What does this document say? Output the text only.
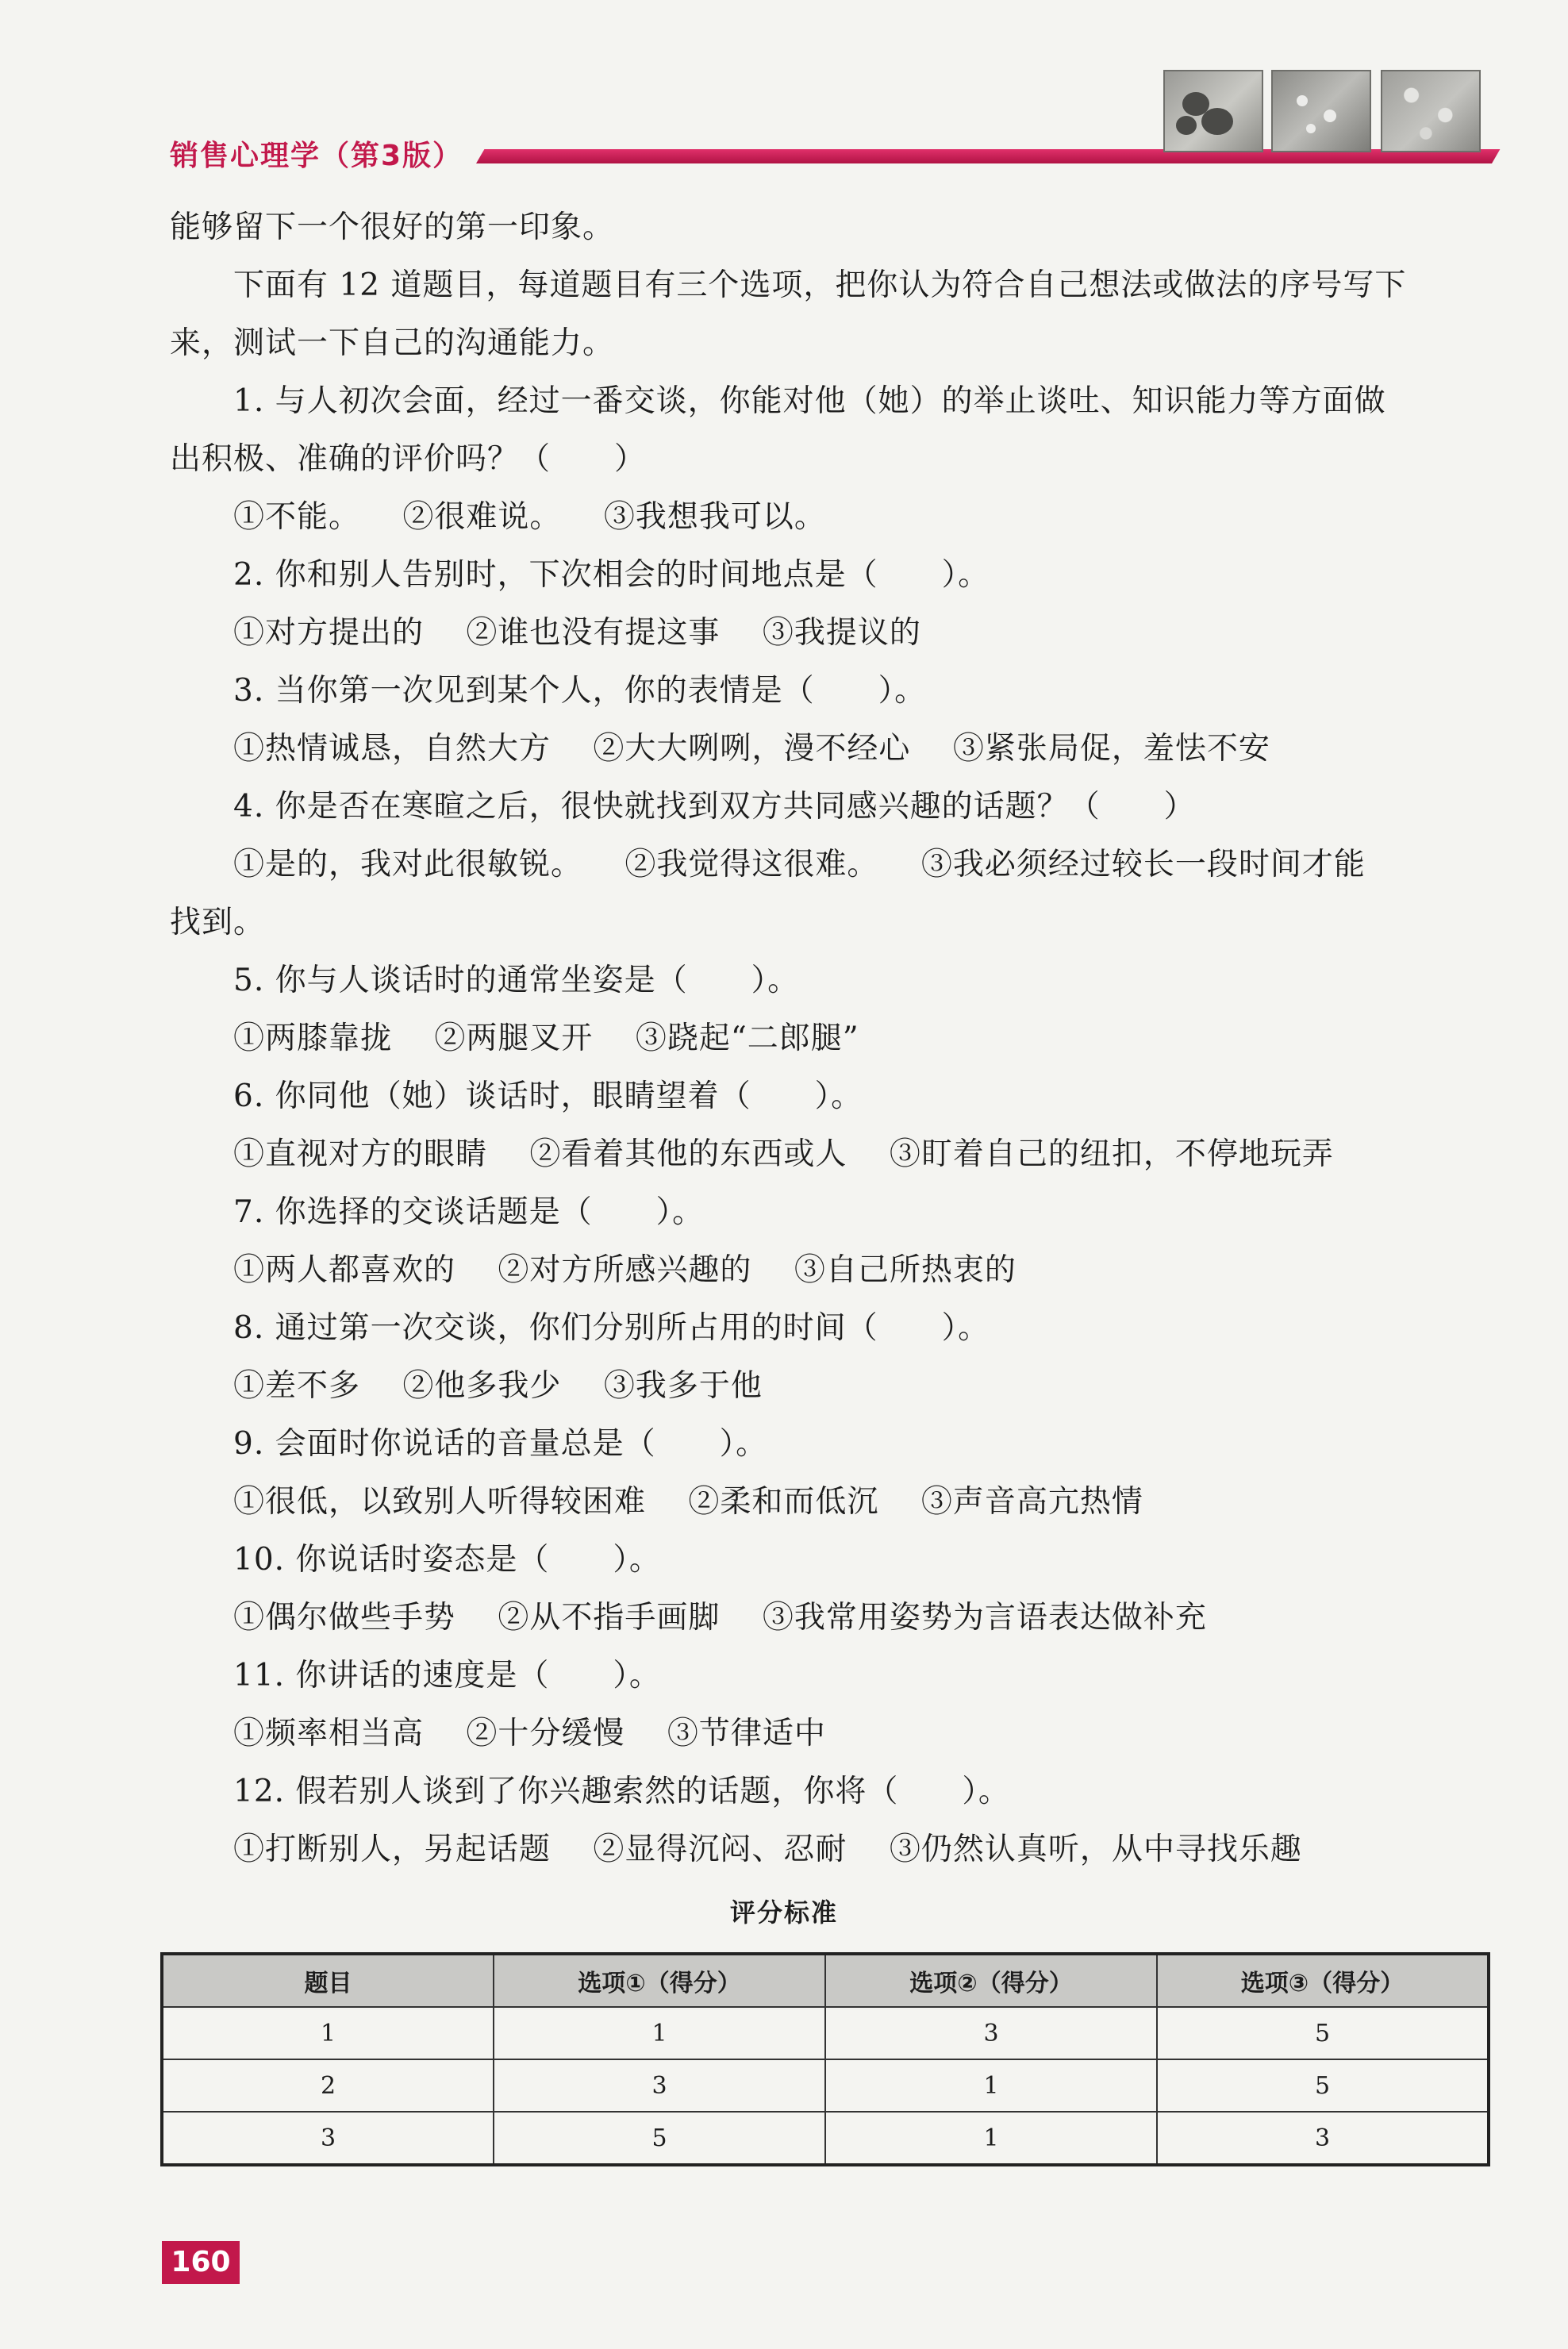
销售心理学（第3版）
能够留下一个很好的第一印象。
下面有 12 道题目，每道题目有三个选项，把你认为符合自己想法或做法的序号写下
来，测试一下自己的沟通能力。
1. 与人初次会面，经过一番交谈，你能对他（她）的举止谈吐、知识能力等方面做
出积极、准确的评价吗？（　　）
①不能。 ②很难说。 ③我想我可以。
2. 你和别人告别时，下次相会的时间地点是（　　）。
①对方提出的 ②谁也没有提这事 ③我提议的
3. 当你第一次见到某个人，你的表情是（　　）。
①热情诚恳，自然大方 ②大大咧咧，漫不经心 ③紧张局促，羞怯不安
4. 你是否在寒暄之后，很快就找到双方共同感兴趣的话题？（　　）
①是的，我对此很敏锐。 ②我觉得这很难。 ③我必须经过较长一段时间才能
找到。
5. 你与人谈话时的通常坐姿是（　　）。
①两膝靠拢 ②两腿叉开 ③跷起“二郎腿”
6. 你同他（她）谈话时，眼睛望着（　　）。
①直视对方的眼睛 ②看着其他的东西或人 ③盯着自己的纽扣，不停地玩弄
7. 你选择的交谈话题是（　　）。
①两人都喜欢的 ②对方所感兴趣的 ③自己所热衷的
8. 通过第一次交谈，你们分别所占用的时间（　　）。
①差不多 ②他多我少 ③我多于他
9. 会面时你说话的音量总是（　　）。
①很低，以致别人听得较困难 ②柔和而低沉 ③声音高亢热情
10. 你说话时姿态是（　　）。
①偶尔做些手势 ②从不指手画脚 ③我常用姿势为言语表达做补充
11. 你讲话的速度是（　　）。
①频率相当高 ②十分缓慢 ③节律适中
12. 假若别人谈到了你兴趣索然的话题，你将（　　）。
①打断别人，另起话题 ②显得沉闷、忍耐 ③仍然认真听，从中寻找乐趣
评分标准
题目	选项①（得分）	选项②（得分）	选项③（得分）
1	1	3	5
2	3	1	5
3	5	1	3
160
